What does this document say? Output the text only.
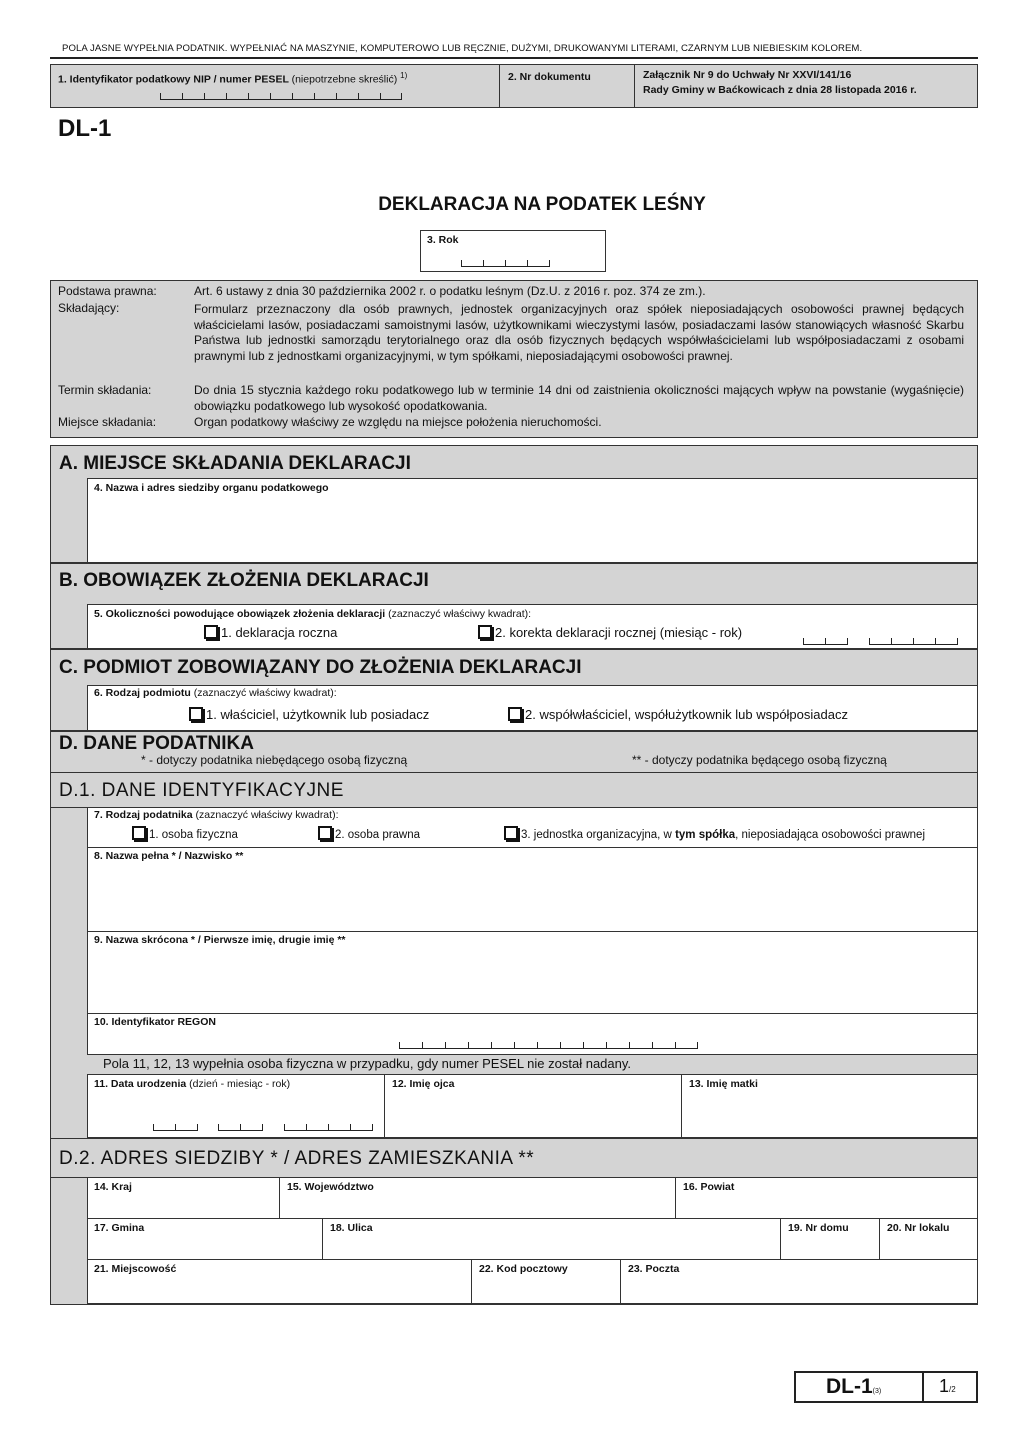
POLA JASNE WYPEŁNIA PODATNIK. WYPEŁNIAĆ NA MASZYNIE, KOMPUTEROWO LUB RĘCZNIE, DUŻYMI, DRUKOWANYMI LITERAMI, CZARNYM LUB NIEBIESKIM KOLOREM.
1. Identyfikator podatkowy NIP / numer PESEL (niepotrzebne skreślić) $^{1)}$	2. Nr dokumentu	Załącznik Nr 9 do Uchwały Nr XXVI/141/16
Rady Gminy w Baćkowicach z dnia 28 listopada 2016 r.
DL-1
DEKLARACJA NA PODATEK LEŚNY
3. Rok
Podstawa prawna:	Art. 6 ustawy z dnia 30 października 2002 r. o podatku leśnym (Dz.U. z 2016 r. poz. 374 ze zm.).
Składający:	Formularz przeznaczony dla osób prawnych, jednostek organizacyjnych oraz spółek nieposiadających osobowości prawnej będących właścicielami lasów, posiadaczami samoistnymi lasów, użytkownikami wieczystymi lasów, posiadaczami lasów stanowiących własność Skarbu Państwa lub jednostki samorządu terytorialnego oraz dla osób fizycznych będących współwłaścicielami lub współposiadaczami z osobami prawnymi lub z jednostkami organizacyjnymi, w tym spółkami, nieposiadającymi osobowości prawnej.
Termin składania:	Do dnia 15 stycznia każdego roku podatkowego lub w terminie 14 dni od zaistnienia okoliczności mających wpływ na powstanie (wygaśnięcie) obowiązku podatkowego lub wysokość opodatkowania.
Miejsce składania:	Organ podatkowy właściwy ze względu na miejsce położenia nieruchomości.
A. MIEJSCE SKŁADANIA DEKLARACJI
4. Nazwa i adres siedziby organu podatkowego
B. OBOWIĄZEK ZŁOŻENIA DEKLARACJI
5. Okoliczności powodujące obowiązek złożenia deklaracji (zaznaczyć właściwy kwadrat):
1. deklaracja roczna	2. korekta deklaracji rocznej (miesiąc - rok)
C. PODMIOT ZOBOWIĄZANY DO ZŁOŻENIA DEKLARACJI
6. Rodzaj podmiotu (zaznaczyć właściwy kwadrat):
1. właściciel, użytkownik lub posiadacz	2. współwłaściciel, współużytkownik lub współposiadacz
D. DANE PODATNIKA
* - dotyczy podatnika niebędącego osobą fizyczną	** - dotyczy podatnika będącego osobą fizyczną
D.1. DANE IDENTYFIKACYJNE
7. Rodzaj podatnika (zaznaczyć właściwy kwadrat):
1. osoba fizyczna	2. osoba prawna	3. jednostka organizacyjna, w tym spółka, nieposiadająca osobowości prawnej
8. Nazwa pełna * / Nazwisko **
9. Nazwa skrócona * / Pierwsze imię, drugie imię **
10. Identyfikator REGON
Pola 11, 12, 13 wypełnia osoba fizyczna w przypadku, gdy numer PESEL nie został nadany.
11. Data urodzenia (dzień - miesiąc - rok)	12. Imię ojca	13. Imię matki
D.2. ADRES SIEDZIBY * / ADRES ZAMIESZKANIA **
14. Kraj	15. Województwo	16. Powiat
17. Gmina	18. Ulica	19. Nr domu	20. Nr lokalu
21. Miejscowość	22. Kod pocztowy	23. Poczta
DL-1(3)	1/2
